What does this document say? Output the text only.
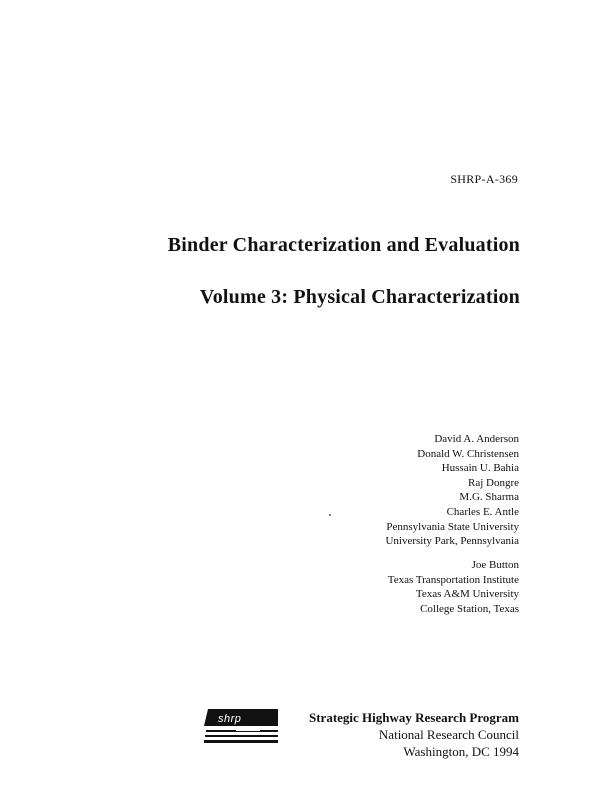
SHRP-A-369
Binder Characterization and Evaluation
Volume 3: Physical Characterization
David A. Anderson
Donald W. Christensen
Hussain U. Bahia
Raj Dongre
M.G. Sharma
Charles E. Antle
Pennsylvania State University
University Park, Pennsylvania
Joe Button
Texas Transportation Institute
Texas A&M University
College Station, Texas
shrp	Strategic Highway Research Program
National Research Council
Washington, DC 1994
